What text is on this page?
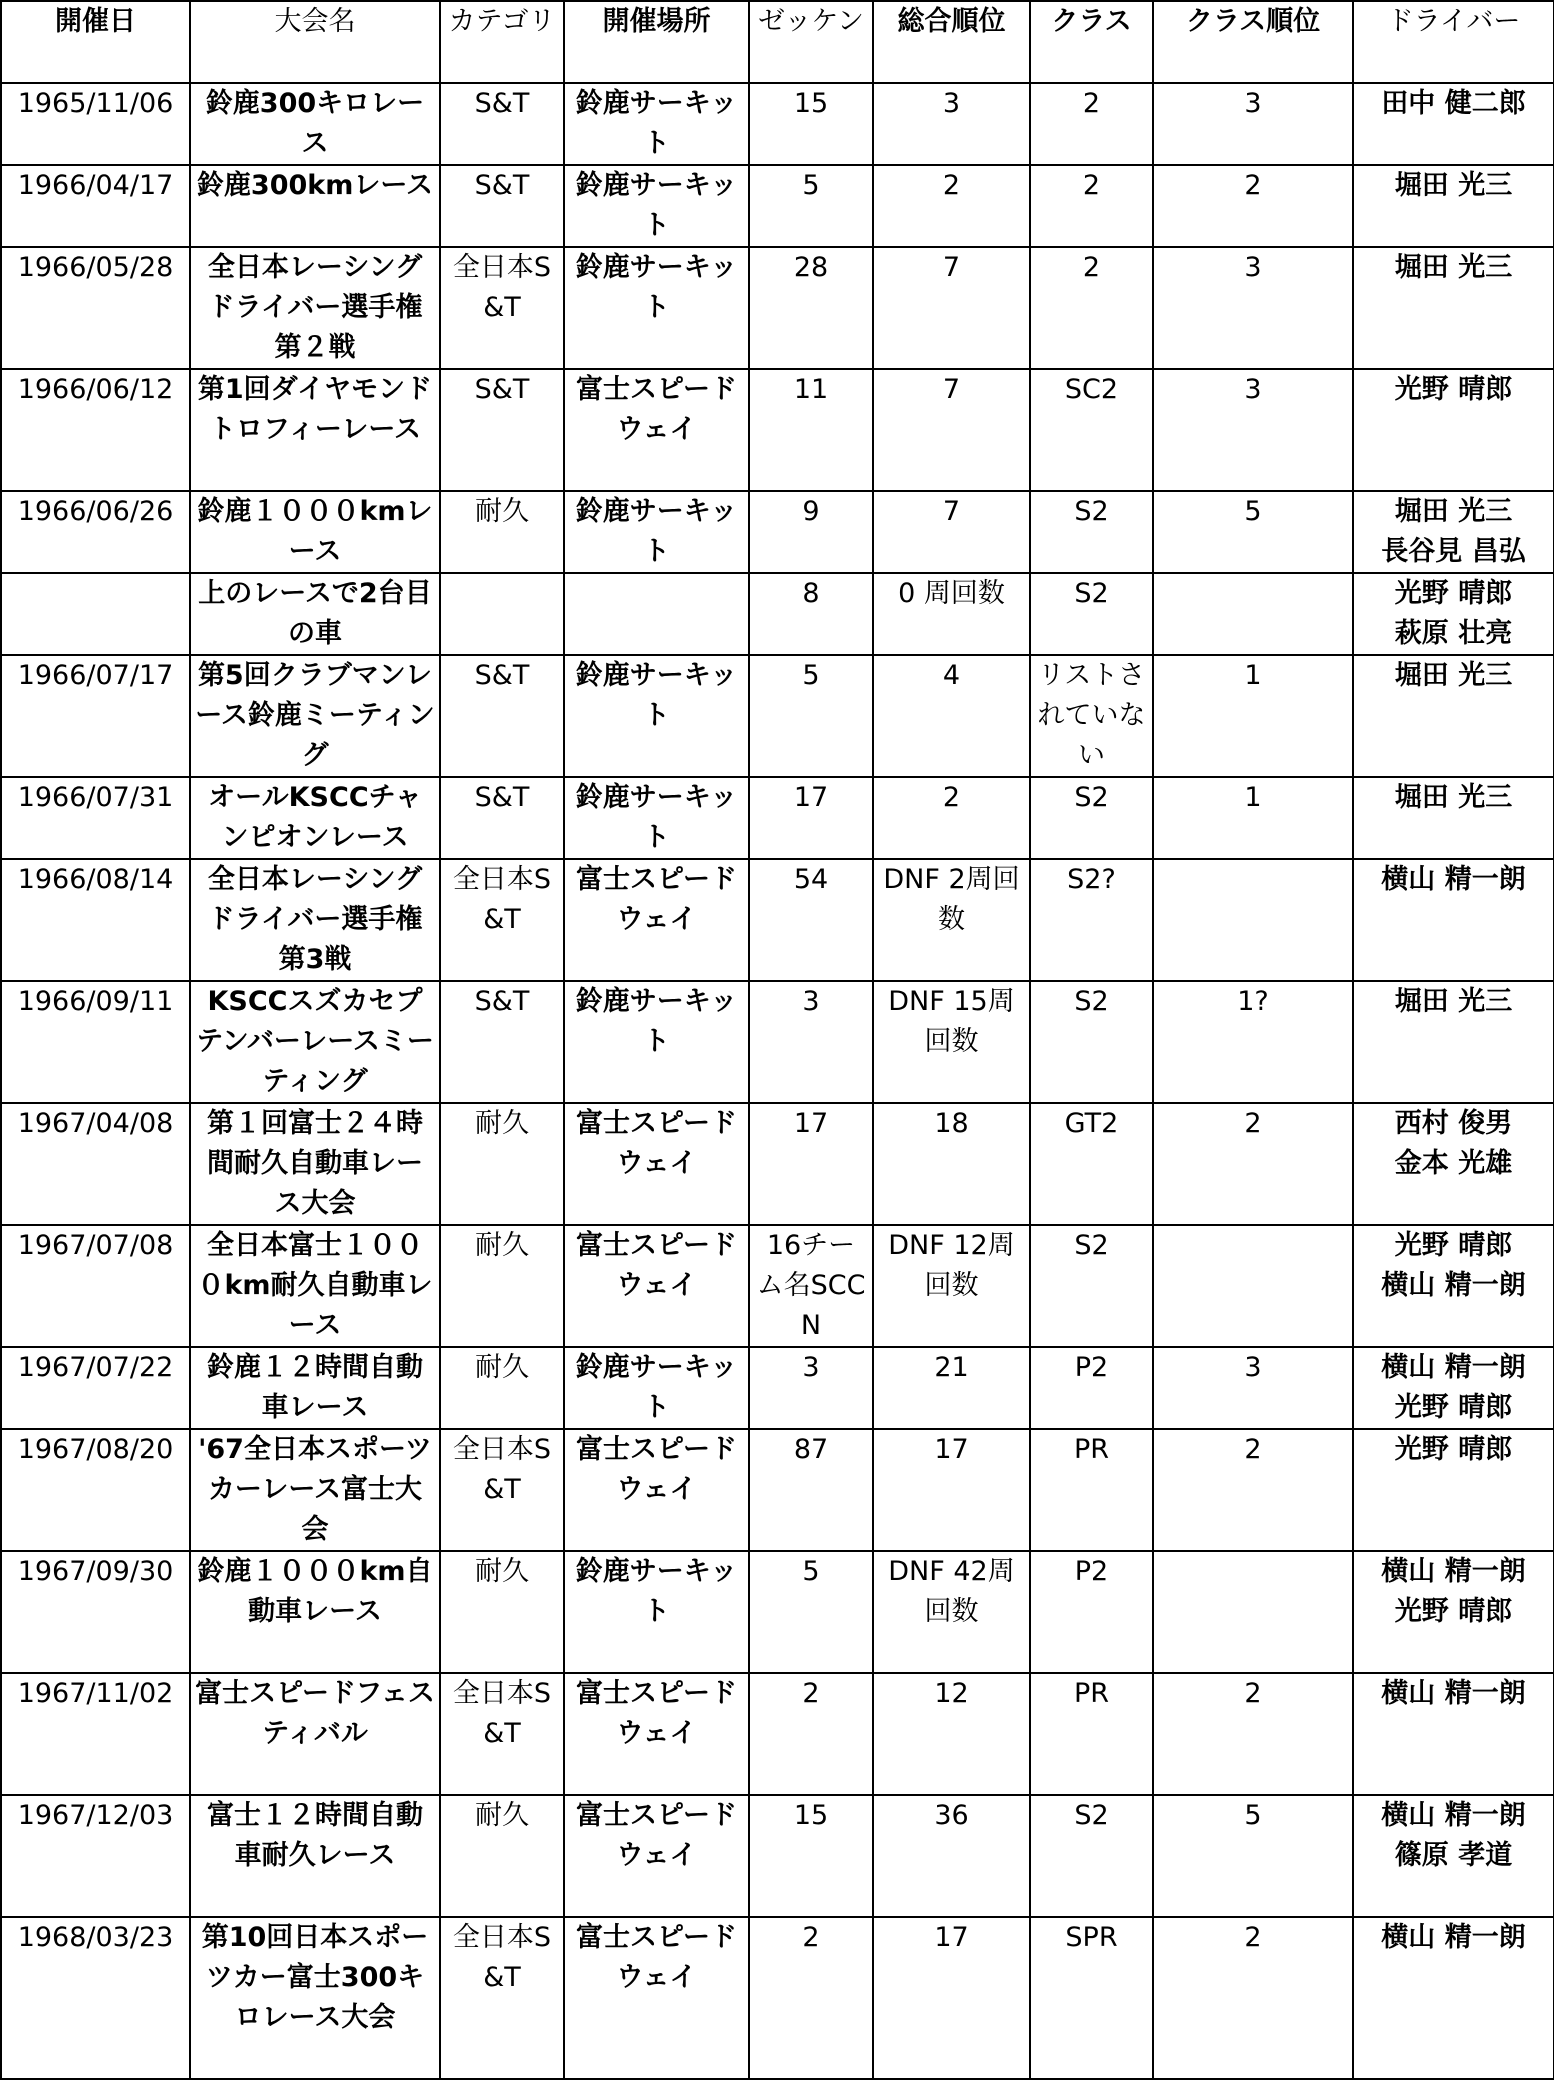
開催日	大会名	カテゴリ	開催場所	ゼッケン	総合順位	クラス	クラス順位	ドライバー
1965/11/06	鈴鹿300キロレース	S&T	鈴鹿サーキット	15	3	2	3	田中 健二郎

1966/04/17	鈴鹿300kmレース	S&T	鈴鹿サーキット	5	2	2	2	堀田 光三

1966/05/28	全日本レーシングドライバー選手権第２戦	全日本S&T	鈴鹿サーキット	28	7	2	3	堀田 光三

1966/06/12	第1回ダイヤモンドトロフィーレース	S&T	富士スピードウェイ	11	7	SC2	3	光野 晴郎

1966/06/26	鈴鹿１０００kmレース	耐久	鈴鹿サーキット	9	7	S2	5	堀田 光三
長谷見 昌弘

	上のレースで2台目の車			8	0 周回数	S2		光野 晴郎
萩原 壮亮

1966/07/17	第5回クラブマンレース鈴鹿ミーティング	S&T	鈴鹿サーキット	5	4	リストされていない	1	堀田 光三

1966/07/31	オールKSCCチャンピオンレース	S&T	鈴鹿サーキット	17	2	S2	1	堀田 光三

1966/08/14	全日本レーシングドライバー選手権第3戦	全日本S&T	富士スピードウェイ	54	DNF 2周回数	S2?		横山 精一朗

1966/09/11	KSCCスズカセプテンバーレースミーティング	S&T	鈴鹿サーキット	3	DNF 15周回数	S2	1?	堀田 光三

1967/04/08	第１回富士２４時間耐久自動車レース大会	耐久	富士スピードウェイ	17	18	GT2	2	西村 俊男
金本 光雄

1967/07/08	全日本富士１０００km耐久自動車レース	耐久	富士スピードウェイ	16チーム名SCCN	DNF 12周回数	S2		光野 晴郎
横山 精一朗

1967/07/22	鈴鹿１２時間自動車レース	耐久	鈴鹿サーキット	3	21	P2	3	横山 精一朗
光野 晴郎

1967/08/20	'67全日本スポーツカーレース富士大会	全日本S&T	富士スピードウェイ	87	17	PR	2	光野 晴郎

1967/09/30	鈴鹿１０００km自動車レース	耐久	鈴鹿サーキット	5	DNF 42周回数	P2		横山 精一朗
光野 晴郎

1967/11/02	富士スピードフェスティバル	全日本S&T	富士スピードウェイ	2	12	PR	2	横山 精一朗

1967/12/03	富士１２時間自動車耐久レース	耐久	富士スピードウェイ	15	36	S2	5	横山 精一朗
篠原 孝道

1968/03/23	第10回日本スポーツカー富士300キロレース大会	全日本S&T	富士スピードウェイ	2	17	SPR	2	横山 精一朗
